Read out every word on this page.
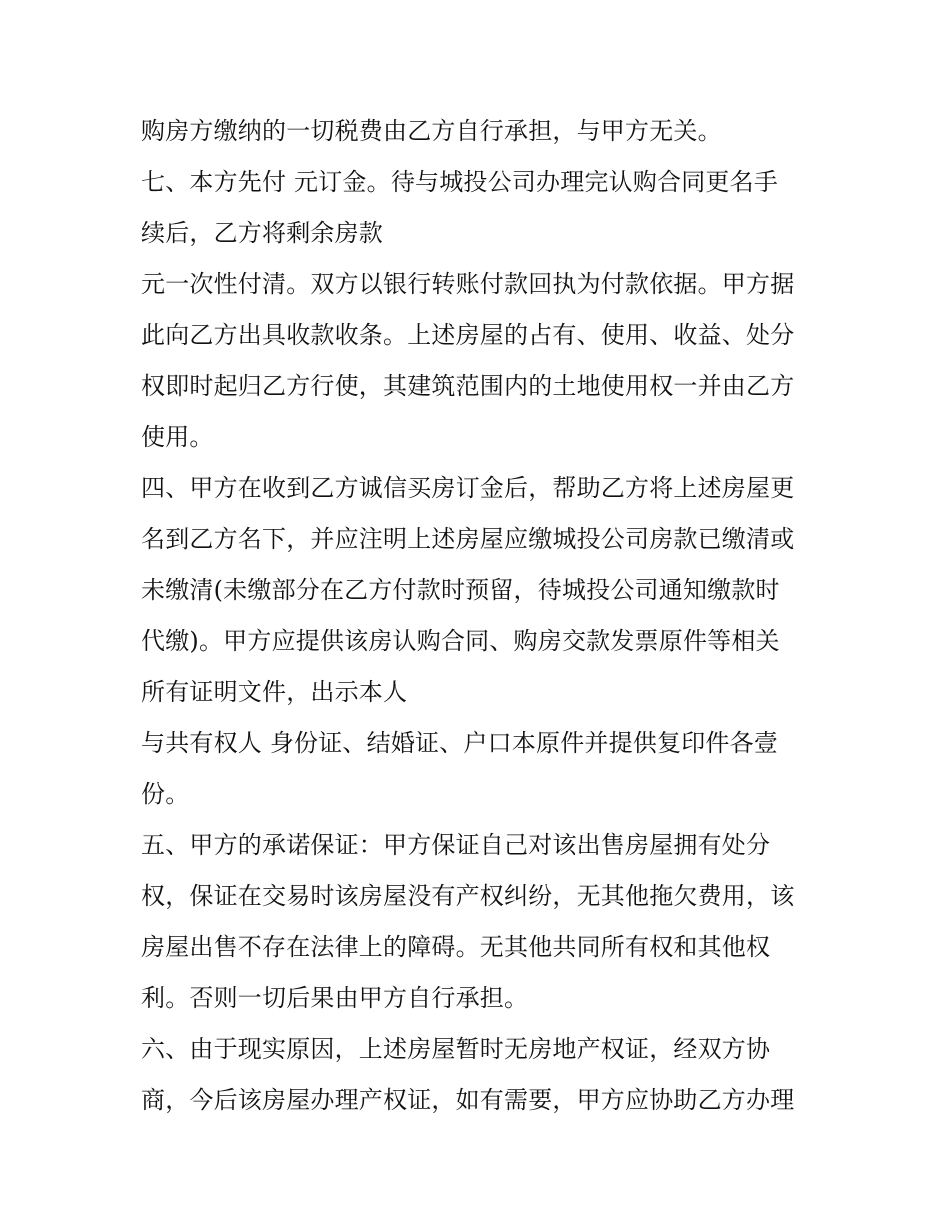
购房方缴纳的一切税费由乙方自行承担，与甲方无关。
七、本方先付 元订金。待与城投公司办理完认购合同更名手
续后，乙方将剩余房款
元一次性付清。双方以银行转账付款回执为付款依据。甲方据
此向乙方出具收款收条。上述房屋的占有、使用、收益、处分
权即时起归乙方行使，其建筑范围内的土地使用权一并由乙方
使用。
四、甲方在收到乙方诚信买房订金后，帮助乙方将上述房屋更
名到乙方名下，并应注明上述房屋应缴城投公司房款已缴清或
未缴清(未缴部分在乙方付款时预留，待城投公司通知缴款时
代缴)。甲方应提供该房认购合同、购房交款发票原件等相关
所有证明文件，出示本人
与共有权人 身份证、结婚证、户口本原件并提供复印件各壹
份。
五、甲方的承诺保证：甲方保证自己对该出售房屋拥有处分
权，保证在交易时该房屋没有产权纠纷，无其他拖欠费用，该
房屋出售不存在法律上的障碍。无其他共同所有权和其他权
利。否则一切后果由甲方自行承担。
六、由于现实原因，上述房屋暂时无房地产权证，经双方协
商，今后该房屋办理产权证，如有需要，甲方应协助乙方办理
